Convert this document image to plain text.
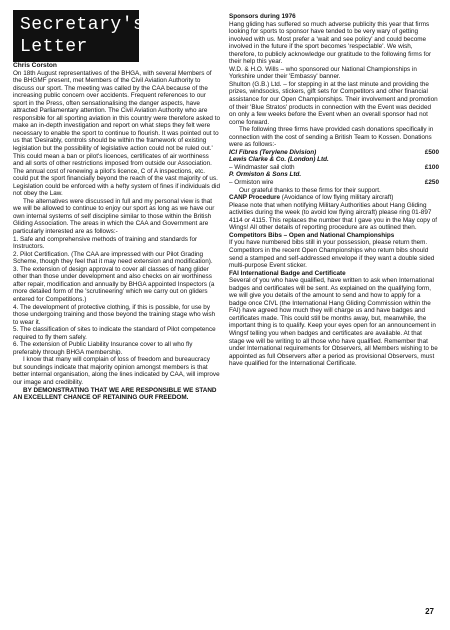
Secretary's
Letter

Chris Corston

On 18th August representatives of the BHGA, with several Members of the BHGMF present, met Members of the Civil Aviation Authority to discuss our sport. The meeting was called by the CAA because of the increasing public concern over accidents. Frequent references to our sport in the Press, often sensationalising the danger aspects, have attracted Parliamentary attention. The Civil Aviation Authority who are responsible for all sporting aviation in this country were therefore asked to make an in-depth investigation and report on what steps they felt were necessary to enable the sport to continue to flourish. It was pointed out to us that 'Desirably, controls should be within the framework of existing legislation but the possibility of legislative action could not be ruled out.' This could mean a ban or pilot's licences, certificates of air worthiness and all sorts of other restrictions imposed from outside our Association. The annual cost of renewing a pilot's licence, C of A inspections, etc. could put the sport financially beyond the reach of the vast majority of us. Legislation could be enforced with a hefty system of fines if individuals did not obey the Law.

The alternatives were discussed in full and my personal view is that we will be allowed to continue to enjoy our sport as long as we have our own internal systems of self discipline similar to those within the British Gliding Association. The areas in which the CAA and Government are particularly interested are as follows:-

1. Safe and comprehensive methods of training and standards for Instructors.

2. Pilot Certification. (The CAA are impressed with our Pilot Grading Scheme, though they feel that it may need extension and modification).

3. The extension of design approval to cover all classes of hang glider other than those under development and also checks on air worthiness after repair, modification and annually by BHGA appointed Inspectors (a more detailed form of the 'scrutineering' which we carry out on gliders entered for Competitions.)

4. The development of protective clothing, if this is possible, for use by those undergoing training and those beyond the training stage who wish to wear it.

5. The classification of sites to indicate the standard of Pilot competence required to fly them safely.

6. The extension of Public Liability Insurance cover to all who fly preferably through BHGA membership.

I know that many will complain of loss of freedom and bureaucracy but soundings indicate that majority opinion amongst members is that better internal organisation, along the lines indicated by CAA, will improve our image and credibility.

BY DEMONSTRATING THAT WE ARE RESPONSIBLE WE STAND AN EXCELLENT CHANCE OF RETAINING OUR FREEDOM.

Sponsors during 1976

Hang gliding has suffered so much adverse publicity this year that firms looking for sports to sponsor have tended to be very wary of getting involved with us. Most prefer a 'wait and see policy' and could become involved in the future if the sport becomes 'respectable'. We wish, therefore, to publicly acknowledge our gratitude to the following firms for their help this year.

W.D. & H.O. Wills – who sponsored our National Championships in Yorkshire under their 'Embassy' banner.

Shulton (G.B.) Ltd. – for stepping in at the last minute and providing the prizes, windsocks, stickers, gift sets for Competitors and other financial assistance for our Open Championships. Their involvement and promotion of their 'Blue Stratos' products in connection with the Event was decided on only a few weeks before the Event when an overall sponsor had not come forward.

The following three firms have provided cash donations specifically in connection with the cost of sending a British Team to Kossen. Donations were as follows:-

ICI Fibres (Terylene Division)	£500
Lewis Clarke & Co. (London) Ltd.	
– Windmaster sail cloth	£100
P. Ormiston & Sons Ltd.	
– Ormiston wire	£250

Our grateful thanks to these firms for their support.

CANP Procedure (Avoidance of low flying military aircraft)

Please note that when notifying Military Authorities about Hang Gliding activities during the week (to avoid low flying aircraft) please ring 01-897 4114 or 4115. This replaces the number that I gave you in the May copy of Wings! All other details of reporting procedure are as outlined then.

Competitors Bibs – Open and National Championships

If you have numbered bibs still in your possession, please return them. Competitors in the recent Open Championships who return bibs should send a stamped and self-addressed envelope if they want a double sided multi-purpose Event sticker.

FAI International Badge and Certificate

Several of you who have qualified, have written to ask when International badges and certificates will be sent. As explained on the qualifying form, we will give you details of the amount to send and how to apply for a badge once CIVL (the International Hang Gliding Commission within the FAI) have agreed how much they will charge us and have badges and certificates made. This could still be months away, but, meanwhile, the important thing is to qualify. Keep your eyes open for an announcement in Wingsf telling you when badges and certificates are available. At that stage we will be writing to all those who have qualified. Remember that under International requirements for Observers, all Members wishing to be appointed as full Observers after a period as provisional Observers, must have qualified for the International Certificate.

27
